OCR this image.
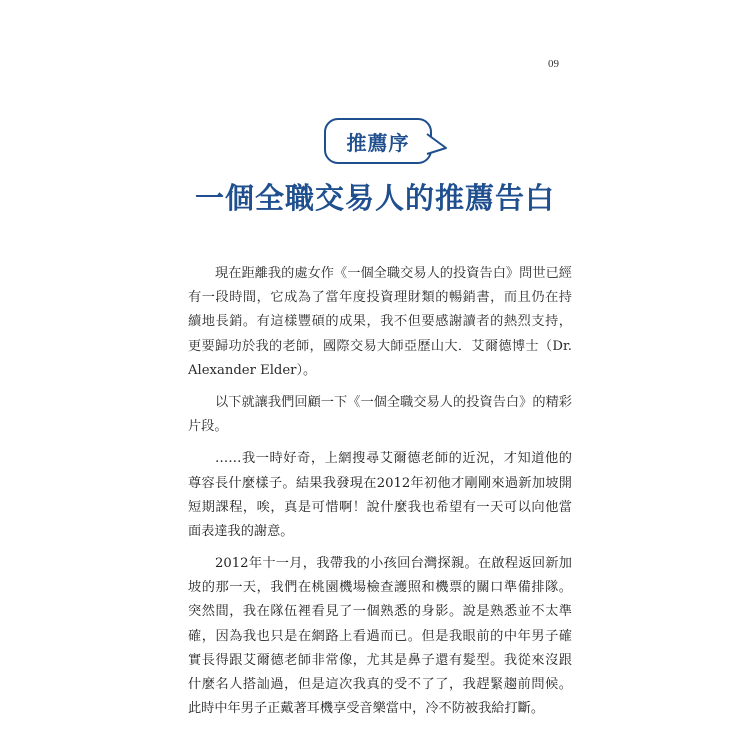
09
推薦序
一個全職交易人的推薦告白
現在距離我的處女作《一個全職交易人的投資告白》問世已經
有一段時間，它成為了當年度投資理財類的暢銷書，而且仍在持
續地長銷。有這樣豐碩的成果，我不但要感謝讀者的熱烈支持，
更要歸功於我的老師，國際交易大師亞歷山大．艾爾德博士（Dr.
Alexander Elder）。
以下就讓我們回顧一下《一個全職交易人的投資告白》的精彩
片段。
……我一時好奇，上網搜尋艾爾德老師的近況，才知道他的
尊容長什麼樣子。結果我發現在2012年初他才剛剛來過新加坡開
短期課程，唉，真是可惜啊！說什麼我也希望有一天可以向他當
面表達我的謝意。
2012年十一月，我帶我的小孩回台灣探親。在啟程返回新加
坡的那一天，我們在桃園機場檢查護照和機票的關口準備排隊。
突然間，我在隊伍裡看見了一個熟悉的身影。說是熟悉並不太準
確，因為我也只是在網路上看過而已。但是我眼前的中年男子確
實長得跟艾爾德老師非常像，尤其是鼻子還有髮型。我從來沒跟
什麼名人搭訕過，但是這次我真的受不了了，我趕緊趨前問候。
此時中年男子正戴著耳機享受音樂當中，冷不防被我給打斷。
